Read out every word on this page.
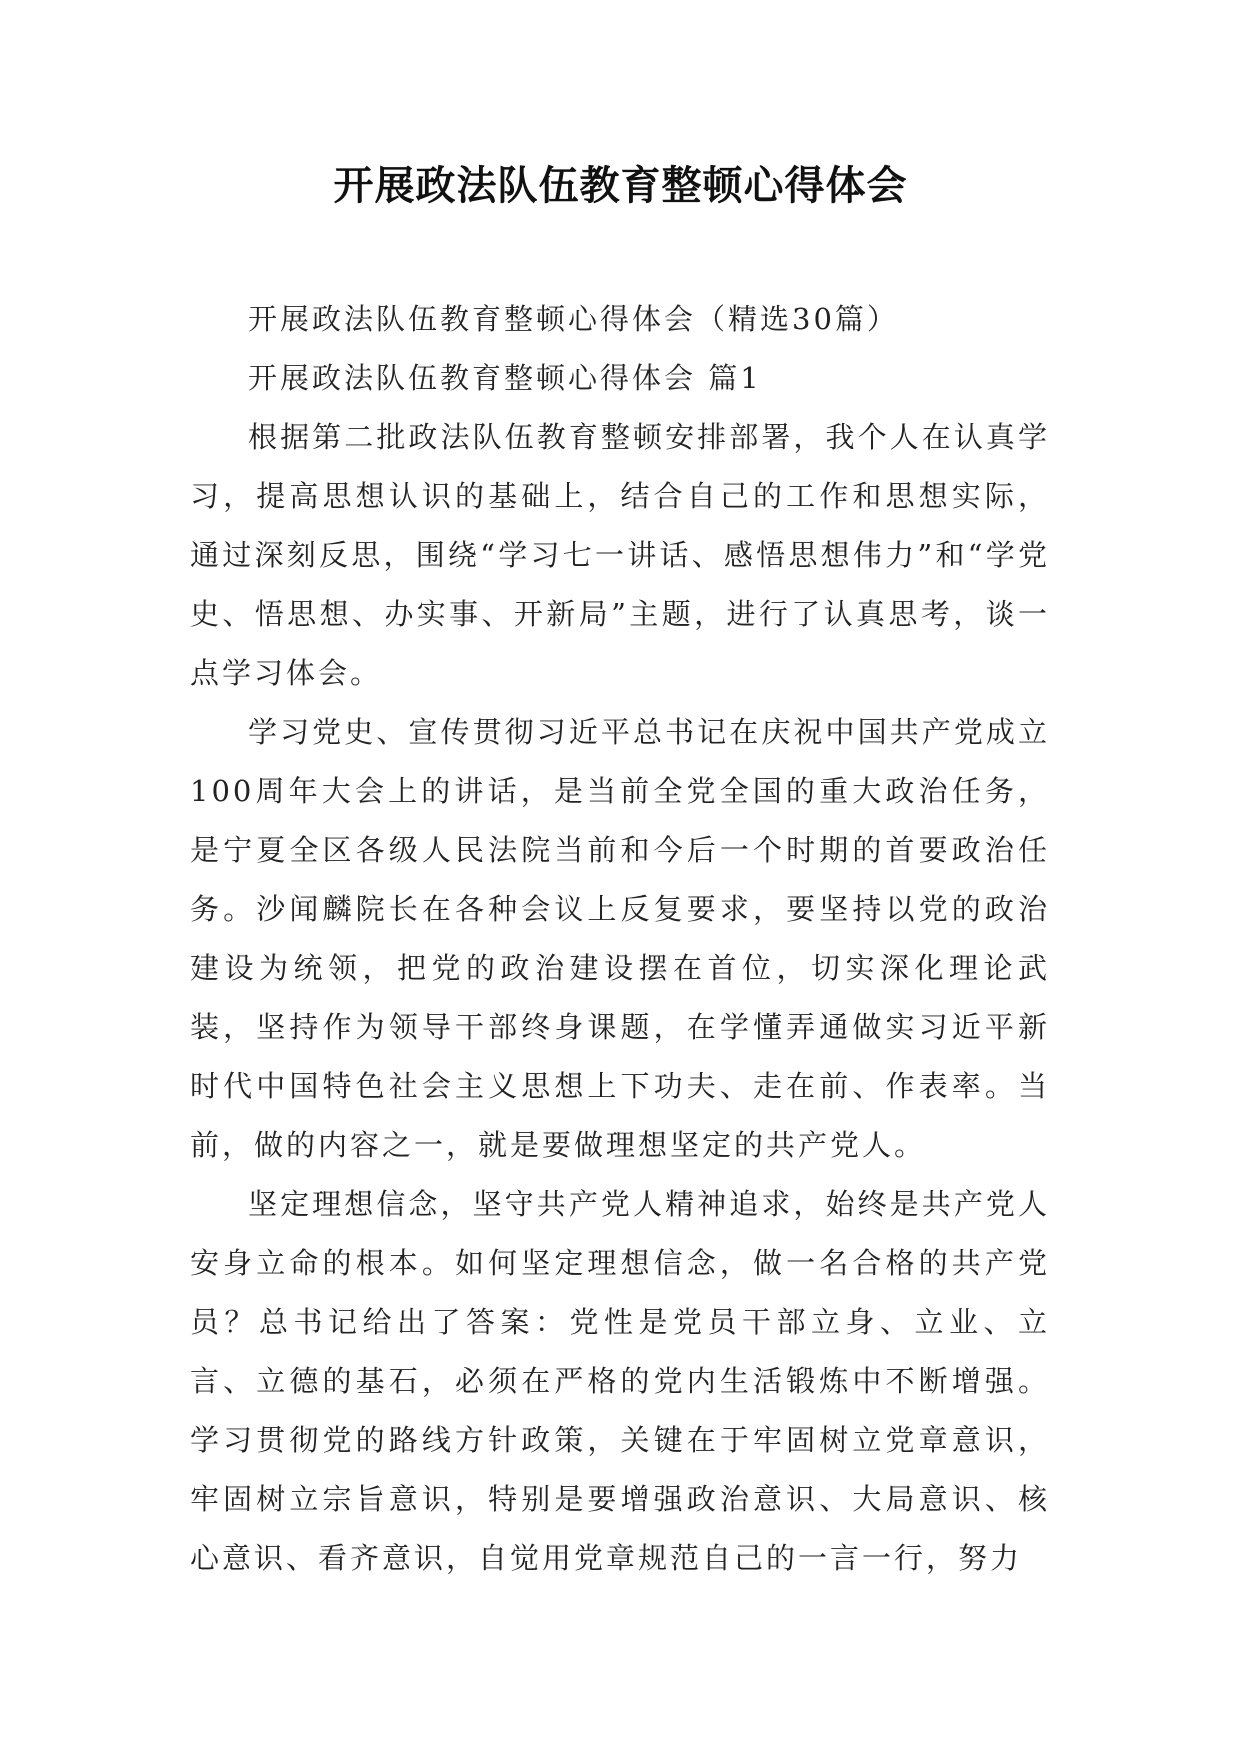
开展政法队伍教育整顿心得体会

开展政法队伍教育整顿心得体会（精选30篇）

开展政法队伍教育整顿心得体会 篇1

根据第二批政法队伍教育整顿安排部署，我个人在认真学习，提高思想认识的基础上，结合自己的工作和思想实际，通过深刻反思，围绕“学习七一讲话、感悟思想伟力”和“学党史、悟思想、办实事、开新局”主题，进行了认真思考，谈一点学习体会。

学习党史、宣传贯彻习近平总书记在庆祝中国共产党成立100周年大会上的讲话，是当前全党全国的重大政治任务，是宁夏全区各级人民法院当前和今后一个时期的首要政治任务。沙闻麟院长在各种会议上反复要求，要坚持以党的政治建设为统领，把党的政治建设摆在首位，切实深化理论武装，坚持作为领导干部终身课题，在学懂弄通做实习近平新时代中国特色社会主义思想上下功夫、走在前、作表率。当前，做的内容之一，就是要做理想坚定的共产党人。

坚定理想信念，坚守共产党人精神追求，始终是共产党人安身立命的根本。如何坚定理想信念，做一名合格的共产党员？总书记给出了答案：党性是党员干部立身、立业、立言、立德的基石，必须在严格的党内生活锻炼中不断增强。学习贯彻党的路线方针政策，关键在于牢固树立党章意识，牢固树立宗旨意识，特别是要增强政治意识、大局意识、核心意识、看齐意识，自觉用党章规范自己的一言一行，努力
